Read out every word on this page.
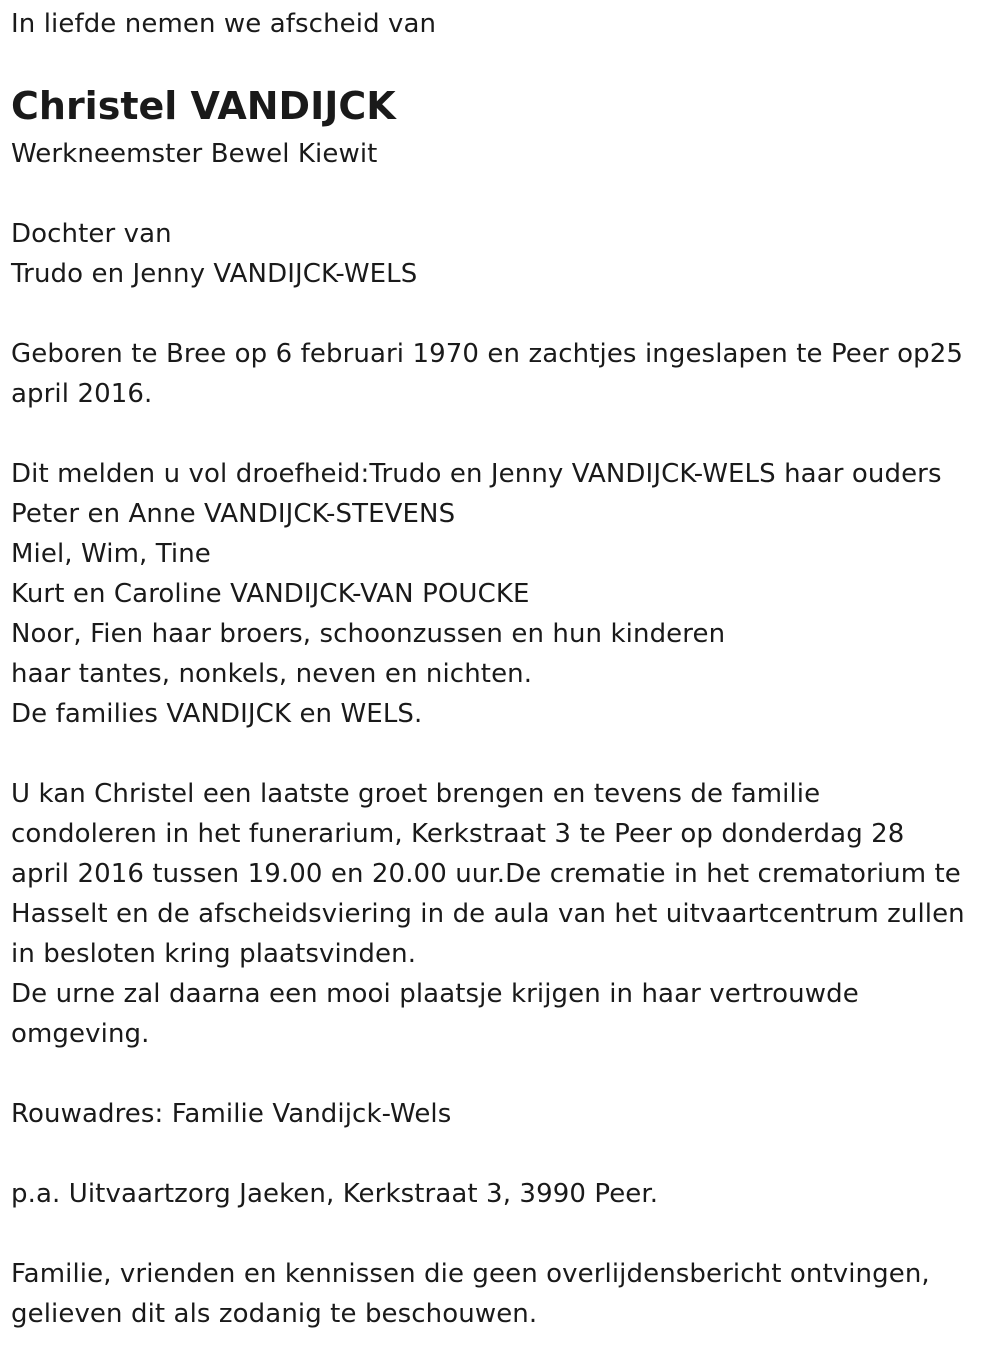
In liefde nemen we afscheid van
Christel VANDIJCK
Werkneemster Bewel Kiewit
Dochter van
Trudo en Jenny VANDIJCK-WELS
Geboren te Bree op 6 februari 1970 en zachtjes ingeslapen te Peer op25
april 2016.
Dit melden u vol droefheid:Trudo en Jenny VANDIJCK-WELS haar ouders
Peter en Anne VANDIJCK-STEVENS
Miel, Wim, Tine
Kurt en Caroline VANDIJCK-VAN POUCKE
Noor, Fien haar broers, schoonzussen en hun kinderen
haar tantes, nonkels, neven en nichten.
De families VANDIJCK en WELS.
U kan Christel een laatste groet brengen en tevens de familie
condoleren in het funerarium, Kerkstraat 3 te Peer op donderdag 28
april 2016 tussen 19.00 en 20.00 uur.De crematie in het crematorium te
Hasselt en de afscheidsviering in de aula van het uitvaartcentrum zullen
in besloten kring plaatsvinden.
De urne zal daarna een mooi plaatsje krijgen in haar vertrouwde
omgeving.
Rouwadres: Familie Vandijck-Wels
p.a. Uitvaartzorg Jaeken, Kerkstraat 3, 3990 Peer.
Familie, vrienden en kennissen die geen overlijdensbericht ontvingen,
gelieven dit als zodanig te beschouwen.
